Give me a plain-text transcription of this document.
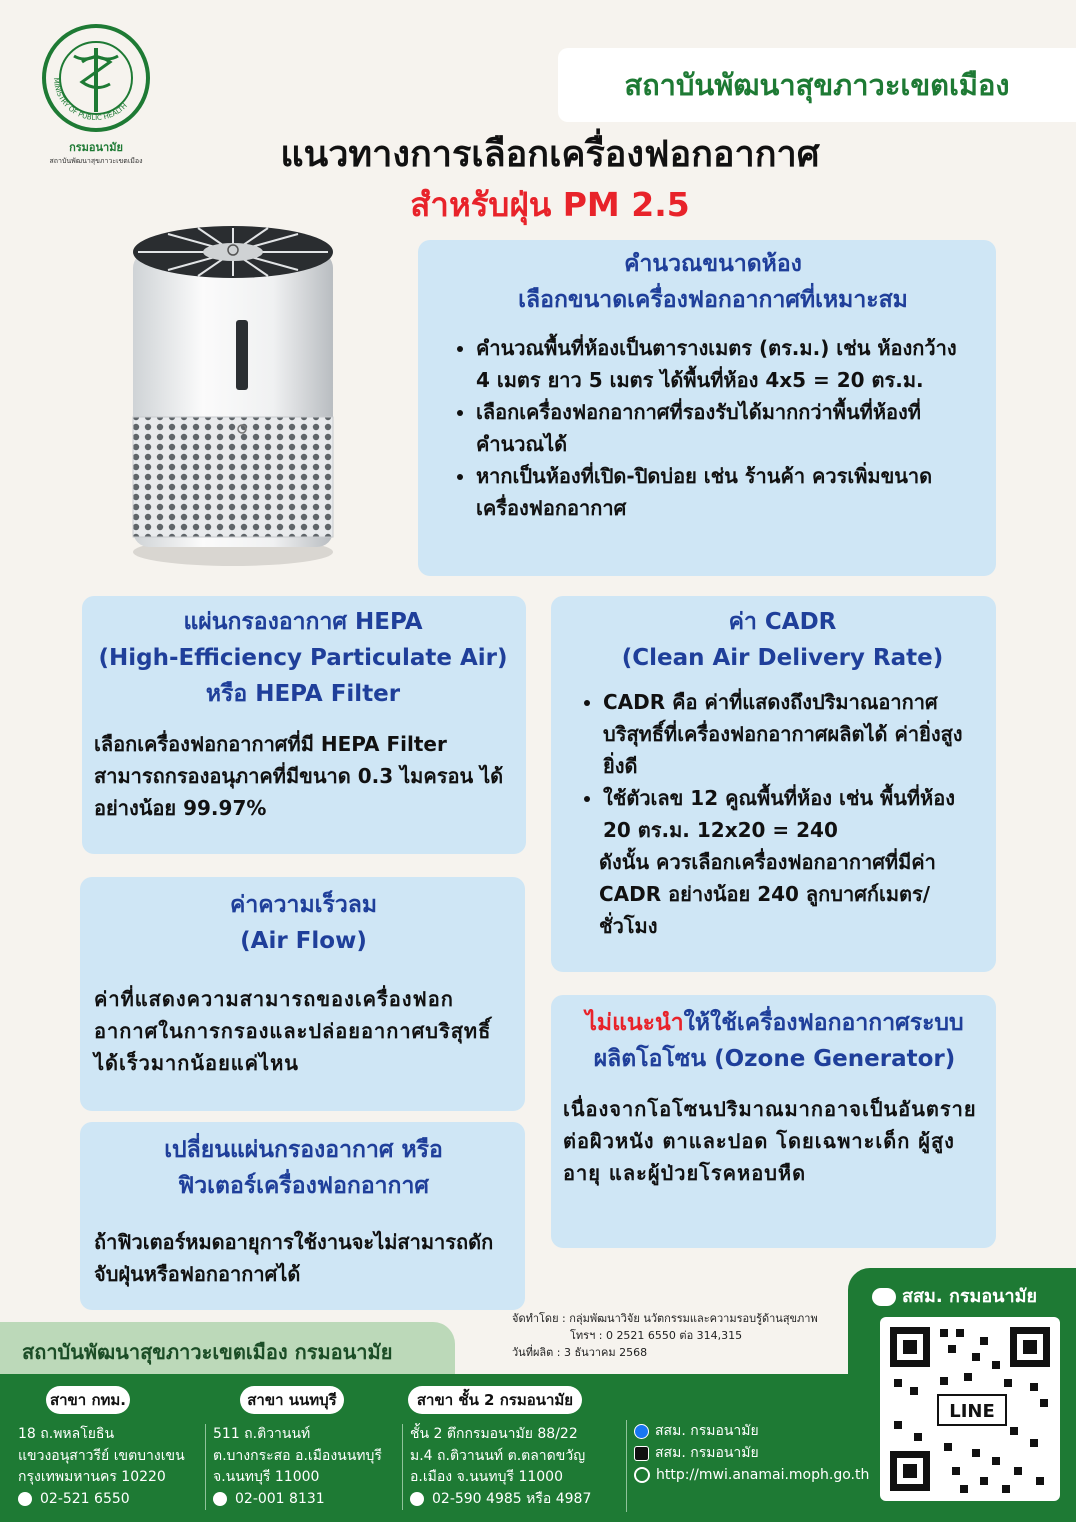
MINISTRY OF PUBLIC HEALTH
กรมอนามัย
สถาบันพัฒนาสุขภาวะเขตเมือง
สถาบันพัฒนาสุขภาวะเขตเมือง
แนวทางการเลือกเครื่องฟอกอากาศ
สำหรับฝุ่น PM 2.5
คำนวณขนาดห้อง
เลือกขนาดเครื่องฟอกอากาศที่เหมาะสม
• คำนวณพื้นที่ห้องเป็นตารางเมตร (ตร.ม.) เช่น ห้องกว้าง 4 เมตร ยาว 5 เมตร ได้พื้นที่ห้อง 4x5 = 20 ตร.ม.
• เลือกเครื่องฟอกอากาศที่รองรับได้มากกว่าพื้นที่ห้องที่คำนวณได้
• หากเป็นห้องที่เปิด-ปิดบ่อย เช่น ร้านค้า ควรเพิ่มขนาดเครื่องฟอกอากาศ
แผ่นกรองอากาศ HEPA
(High-Efficiency Particulate Air)
หรือ HEPA Filter
เลือกเครื่องฟอกอากาศที่มี HEPA Filter สามารถกรองอนุภาคที่มีขนาด 0.3 ไมครอน ได้อย่างน้อย 99.97%
ค่า CADR
(Clean Air Delivery Rate)
• CADR คือ ค่าที่แสดงถึงปริมาณอากาศบริสุทธิ์ที่เครื่องฟอกอากาศผลิตได้ ค่ายิ่งสูง ยิ่งดี
• ใช้ตัวเลข 12 คูณพื้นที่ห้อง เช่น พื้นที่ห้อง 20 ตร.ม. 12x20 = 240
ดังนั้น ควรเลือกเครื่องฟอกอากาศที่มีค่า CADR อย่างน้อย 240 ลูกบาศก์เมตร/ชั่วโมง
ค่าความเร็วลม
(Air Flow)
ค่าที่แสดงความสามารถของเครื่องฟอกอากาศในการกรองและปล่อยอากาศบริสุทธิ์ได้เร็วมากน้อยแค่ไหน
ไม่แนะนำให้ใช้เครื่องฟอกอากาศระบบ
ผลิตโอโซน (Ozone Generator)
เนื่องจากโอโซนปริมาณมากอาจเป็นอันตรายต่อผิวหนัง ตาและปอด โดยเฉพาะเด็ก ผู้สูงอายุ และผู้ป่วยโรคหอบหืด
เปลี่ยนแผ่นกรองอากาศ หรือ
ฟิวเตอร์เครื่องฟอกอากาศ
ถ้าฟิวเตอร์หมดอายุการใช้งานจะไม่สามารถดักจับฝุ่นหรือฟอกอากาศได้
จัดทำโดย : กลุ่มพัฒนาวิจัย นวัตกรรมและความรอบรู้ด้านสุขภาพ
โทรฯ : 0 2521 6550 ต่อ 314,315
วันที่ผลิต : 3 ธันวาคม 2568
สถาบันพัฒนาสุขภาวะเขตเมือง กรมอนามัย
สสม. กรมอนามัย
LINE
สาขา กทม.	สาขา นนทบุรี	สาขา ชั้น 2 กรมอนามัย
18 ถ.พหลโยธิน
แขวงอนุสาวรีย์ เขตบางเขน
กรุงเทพมหานคร 10220
02-521 6550
511 ถ.ติวานนท์
ต.บางกระสอ อ.เมืองนนทบุรี
จ.นนทบุรี 11000
02-001 8131
ชั้น 2 ตึกกรมอนามัย 88/22
ม.4 ถ.ติวานนท์ ต.ตลาดขวัญ
อ.เมือง จ.นนทบุรี 11000
02-590 4985 หรือ 4987
สสม. กรมอนามัย
สสม. กรมอนามัย
http://mwi.anamai.moph.go.th
